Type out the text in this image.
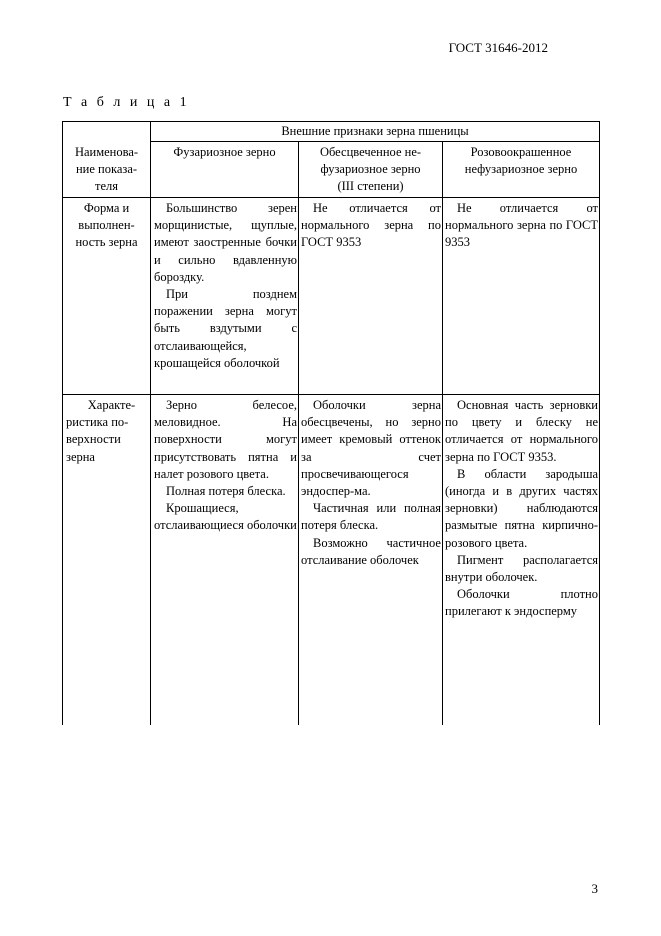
ГОСТ 31646-2012
Т а б л и ц а 1

Внешние признаки зерна пшеницы

Наименова-

ние показа-

теля

Фузариозное зерно	Обесцвеченное не-

фузариозное зерно

(III степени)

Розовоокрашенное

нефузариозное зерно

Форма и

выполнен-

ность зерна

Большинство зерен морщинистые, щуплые, имеют заостренные бочки и сильно вдавленную бороздку.

При позднем поражении зерна могут быть вздутыми с отслаивающейся, крошащейся оболочкой

Не отличается от нормального зерна по ГОСТ 9353

Не отличается от нормального зерна по ГОСТ 9353

Характе-

ристика по-

верхности

зерна

Зерно белесое, меловидное. На поверхности могут присутствовать пятна и налет розового цвета.

Полная потеря блеска.

Крошащиеся, отслаивающиеся оболочки

Оболочки зерна обесцвечены, но зерно имеет кремовый оттенок за счет просвечивающегося эндоспер-ма.

Частичная или полная потеря блеска.

Возможно частичное отслаивание оболочек

Основная часть зерновки по цвету и блеску не отличается от нормального зерна по ГОСТ 9353.

В области зародыша (иногда и в других частях зерновки) наблюдаются размытые пятна кирпично-розового цвета.

Пигмент располагается внутри оболочек.

Оболочки плотно прилегают к эндосперму

3
